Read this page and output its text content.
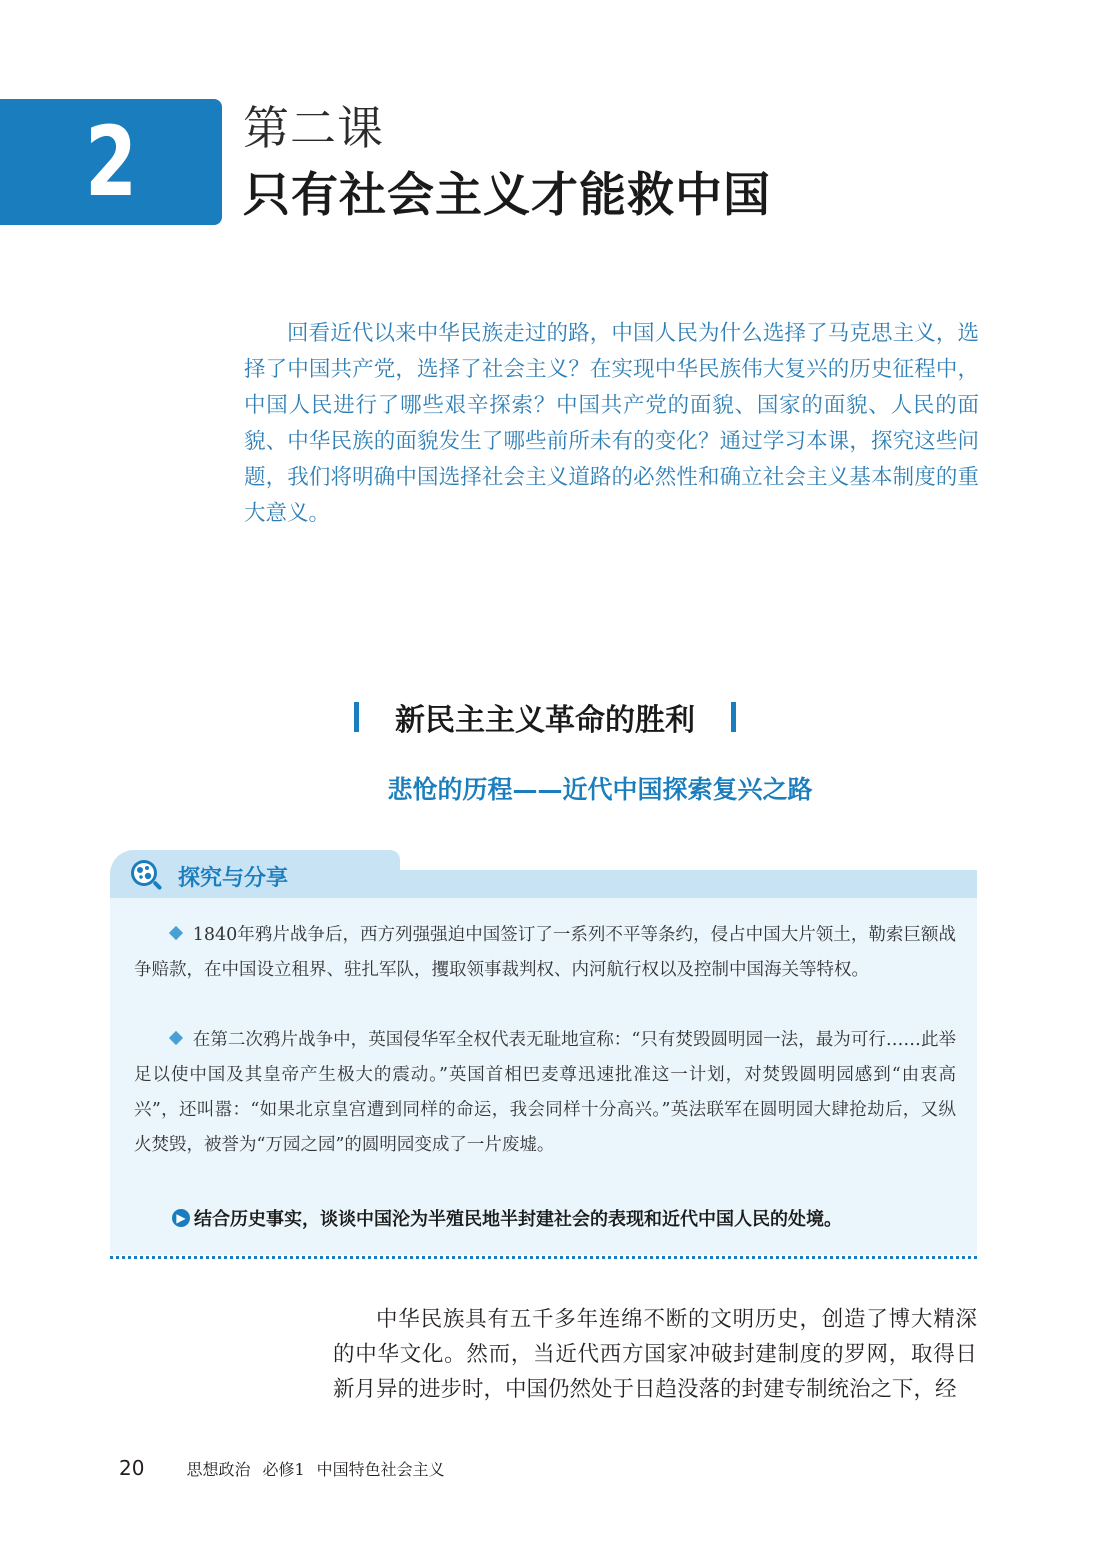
2	第二课
只有社会主义才能救中国

回看近代以来中华民族走过的路，中国人民为什么选择了马克思主义，选择了中国共产党，选择了社会主义？在实现中华民族伟大复兴的历史征程中，中国人民进行了哪些艰辛探索？中国共产党的面貌、国家的面貌、人民的面貌、中华民族的面貌发生了哪些前所未有的变化？通过学习本课，探究这些问题，我们将明确中国选择社会主义道路的必然性和确立社会主义基本制度的重大意义。

新民主主义革命的胜利
悲怆的历程——近代中国探索复兴之路
探究与分享

1840年鸦片战争后，西方列强强迫中国签订了一系列不平等条约，侵占中国大片领土，勒索巨额战争赔款，在中国设立租界、驻扎军队，攫取领事裁判权、内河航行权以及控制中国海关等特权。

在第二次鸦片战争中，英国侵华军全权代表无耻地宣称：“只有焚毁圆明园一法，最为可行……此举足以使中国及其皇帝产生极大的震动。”英国首相巴麦尊迅速批准这一计划，对焚毁圆明园感到“由衷高兴”，还叫嚣：“如果北京皇宫遭到同样的命运，我会同样十分高兴。”英法联军在圆明园大肆抢劫后，又纵火焚毁，被誉为“万园之园”的圆明园变成了一片废墟。

▶ 结合历史事实，谈谈中国沦为半殖民地半封建社会的表现和近代中国人民的处境。

中华民族具有五千多年连绵不断的文明历史，创造了博大精深的中华文化。然而，当近代西方国家冲破封建制度的罗网，取得日新月异的进步时，中国仍然处于日趋没落的封建专制统治之下，经

20	思想政治 必修1 中国特色社会主义
